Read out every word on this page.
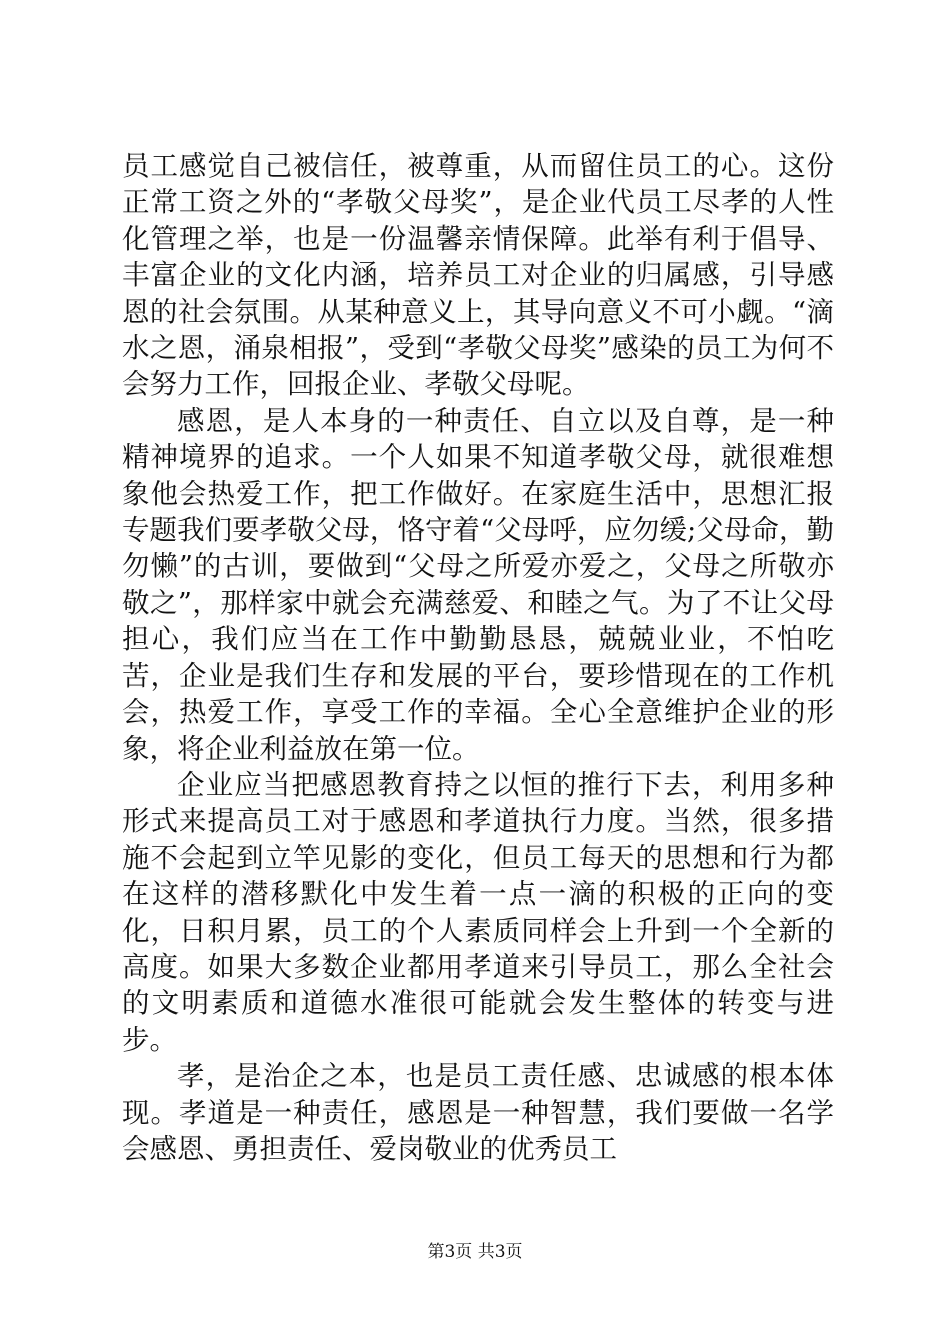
员工感觉自己被信任，被尊重，从而留住员工的心。这份正常工资之外的“孝敬父母奖”，是企业代员工尽孝的人性化管理之举，也是一份温馨亲情保障。此举有利于倡导、丰富企业的文化内涵，培养员工对企业的归属感，引导感恩的社会氛围。从某种意义上，其导向意义不可小觑。“滴水之恩，涌泉相报”，受到“孝敬父母奖”感染的员工为何不会努力工作，回报企业、孝敬父母呢。

感恩，是人本身的一种责任、自立以及自尊，是一种精神境界的追求。一个人如果不知道孝敬父母，就很难想象他会热爱工作，把工作做好。在家庭生活中，思想汇报专题我们要孝敬父母，恪守着“父母呼，应勿缓;父母命，勤勿懒”的古训，要做到“父母之所爱亦爱之，父母之所敬亦敬之”，那样家中就会充满慈爱、和睦之气。为了不让父母担心，我们应当在工作中勤勤恳恳，兢兢业业，不怕吃苦，企业是我们生存和发展的平台，要珍惜现在的工作机会，热爱工作，享受工作的幸福。全心全意维护企业的形象，将企业利益放在第一位。

企业应当把感恩教育持之以恒的推行下去，利用多种形式来提高员工对于感恩和孝道执行力度。当然，很多措施不会起到立竿见影的变化，但员工每天的思想和行为都在这样的潜移默化中发生着一点一滴的积极的正向的变化，日积月累，员工的个人素质同样会上升到一个全新的高度。如果大多数企业都用孝道来引导员工，那么全社会的文明素质和道德水准很可能就会发生整体的转变与进步。

孝，是治企之本，也是员工责任感、忠诚感的根本体现。孝道是一种责任，感恩是一种智慧，我们要做一名学会感恩、勇担责任、爱岗敬业的优秀员工

第3页 共3页
